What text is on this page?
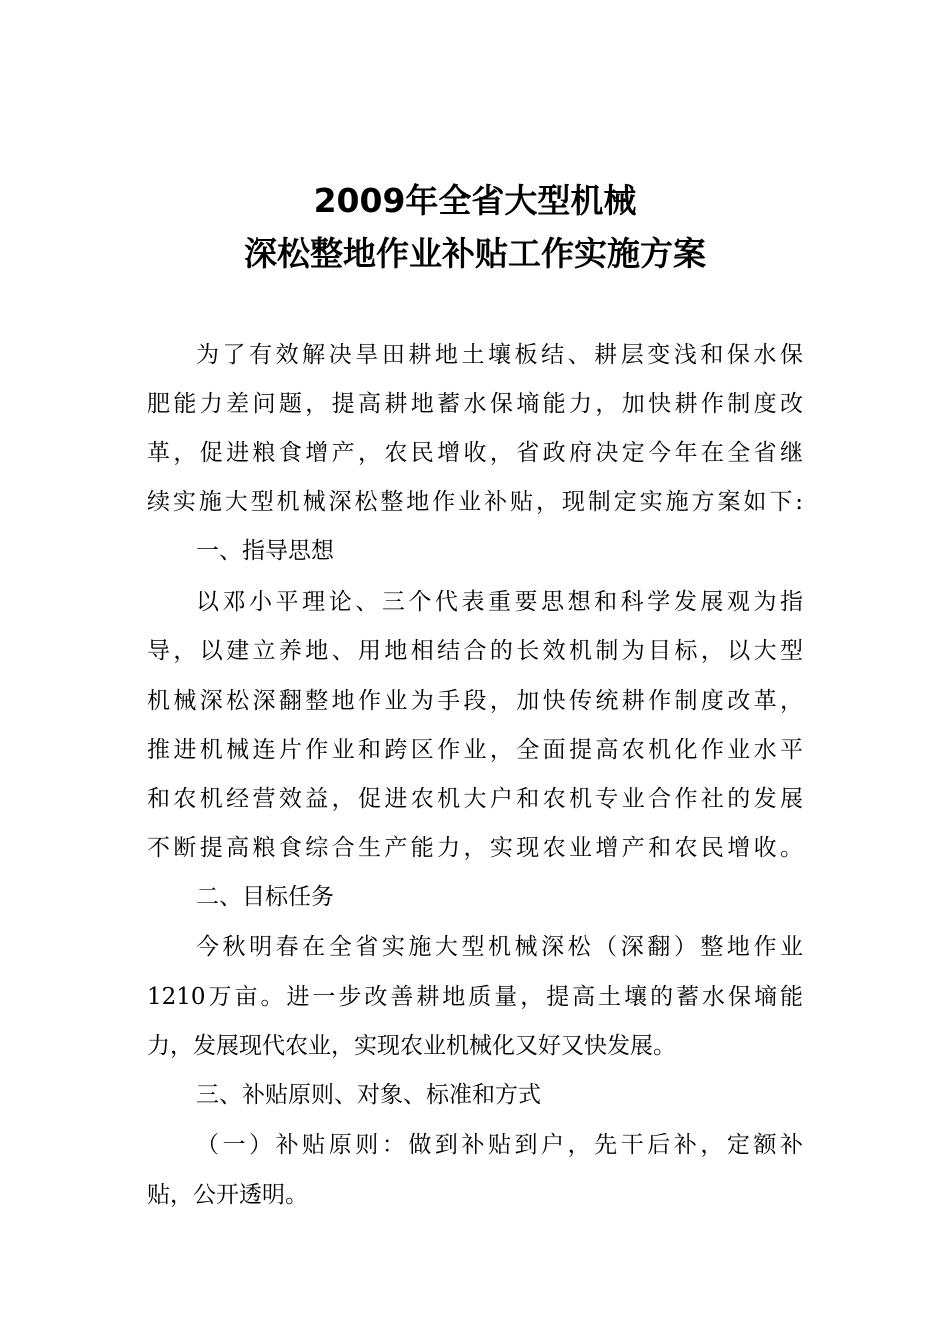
2009年全省大型机械
深松整地作业补贴工作实施方案
为了有效解决旱田耕地土壤板结、耕层变浅和保水保
肥能力差问题，提高耕地蓄水保墒能力，加快耕作制度改
革，促进粮食增产，农民增收，省政府决定今年在全省继
续实施大型机械深松整地作业补贴，现制定实施方案如下:
一、指导思想
以邓小平理论、三个代表重要思想和科学发展观为指
导，以建立养地、用地相结合的长效机制为目标，以大型
机械深松深翻整地作业为手段，加快传统耕作制度改革，
推进机械连片作业和跨区作业，全面提高农机化作业水平
和农机经营效益，促进农机大户和农机专业合作社的发展
不断提高粮食综合生产能力，实现农业增产和农民增收。
二、目标任务
今秋明春在全省实施大型机械深松（深翻）整地作业
1210万亩。进一步改善耕地质量，提高土壤的蓄水保墒能
力，发展现代农业，实现农业机械化又好又快发展。
三、补贴原则、对象、标准和方式
（一）补贴原则：做到补贴到户，先干后补，定额补
贴，公开透明。
